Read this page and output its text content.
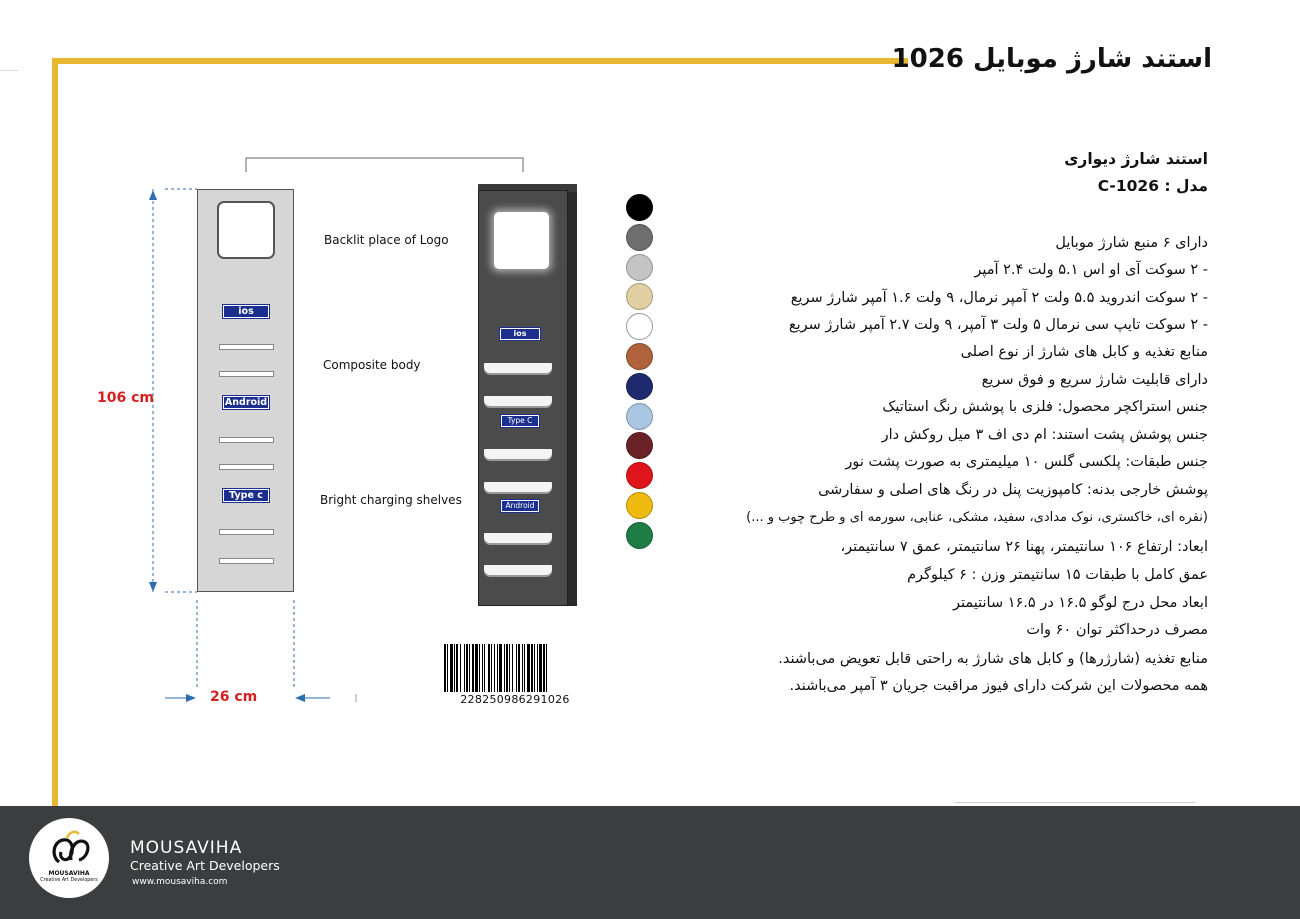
استند شارژ موبایل 1026
استند شارژ دیواری
مدل : C-1026
دارای ۶ منبع شارژ موبایل
- ۲ سوکت آی او اس ۵.۱ ولت ۲.۴ آمپر
- ۲ سوکت اندروید ۵.۵ ولت ۲ آمپر نرمال، ۹ ولت ۱.۶ آمپر شارژ سریع
- ۲ سوکت تایپ سی نرمال ۵ ولت ۳ آمپر، ۹ ولت ۲.۷ آمپر شارژ سریع
منابع تغذیه و کابل های شارژ از نوع اصلی
دارای قابلیت شارژ سریع و فوق سریع
جنس استراکچر محصول: فلزی با پوشش رنگ استاتیک
جنس پوشش پشت استند: ام دی اف ۳ میل روکش دار
جنس طبقات: پلکسی گلس ۱۰ میلیمتری به صورت پشت نور
پوشش خارجی بدنه: کامپوزیت پنل در رنگ های اصلی و سفارشی
(نقره ای، خاکستری، نوک مدادی، سفید، مشکی، عنابی، سورمه ای و طرح چوب و ...)
ابعاد: ارتفاع ۱۰۶ سانتیمتر، پهنا ۲۶ سانتیمتر، عمق ۷ سانتیمتر،
عمق کامل با طبقات ۱۵ سانتیمتر وزن : ۶ کیلوگرم
ابعاد محل درج لوگو ۱۶.۵ در ۱۶.۵ سانتیمتر
مصرف درحداکثر توان ۶۰ وات
منابع تغذیه (شارژرها) و کابل های شارژ به راحتی قابل تعویض می‌باشند.
همه محصولات این شرکت دارای فیوز مراقبت جریان ۳ آمپر می‌باشند.
ios
Android
Type c
106 cm
26 cm
Backlit place of Logo
Composite body
Bright charging shelves
ios
Type C
Android
228250986291026
MOUSAVIHA
Creative Art Developers
MOUSAVIHA
Creative Art Developers
www.mousaviha.com
